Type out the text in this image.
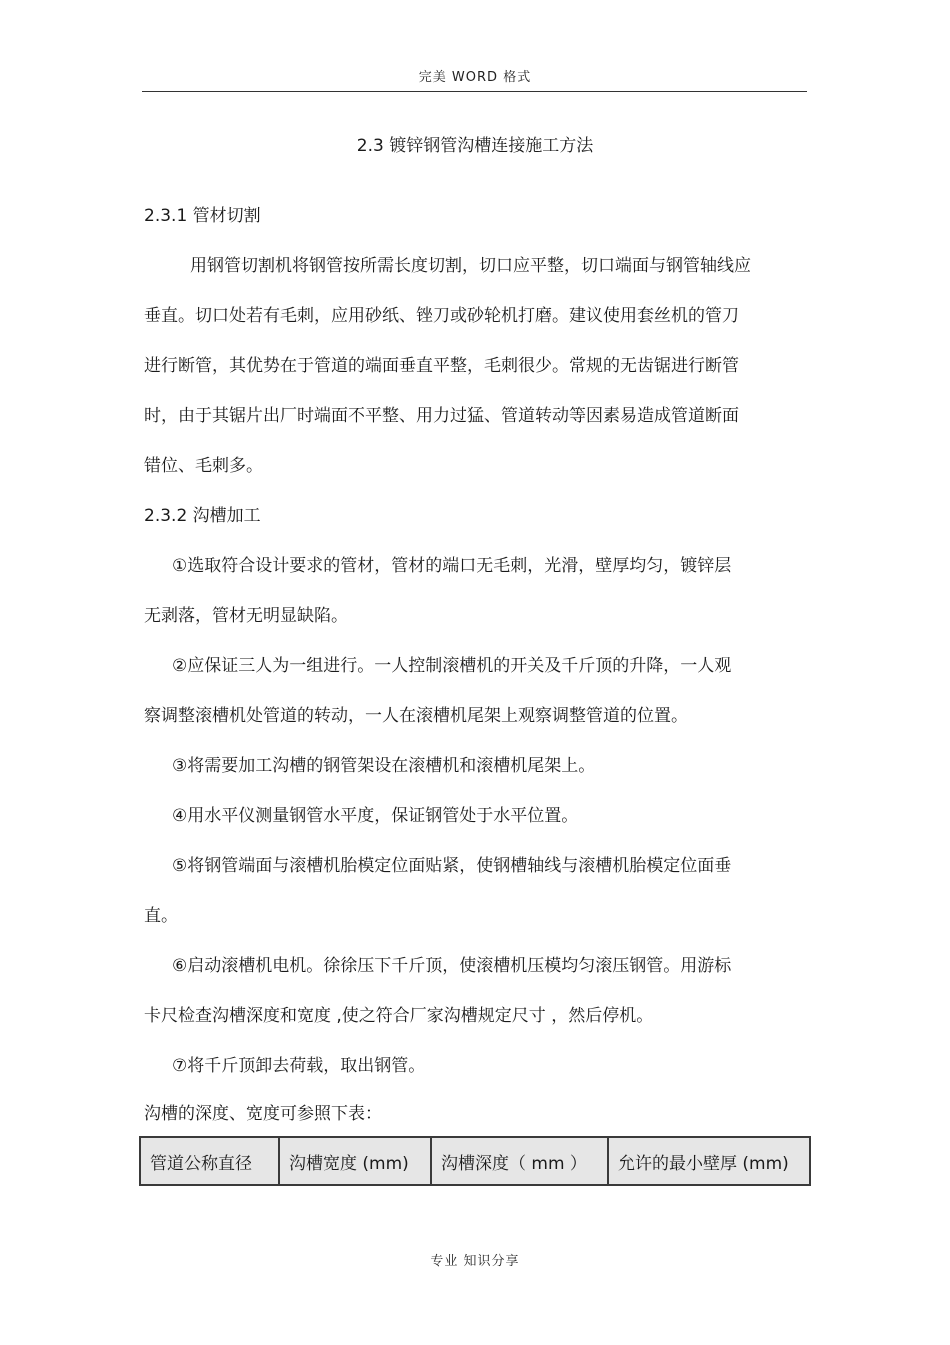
完美 WORD 格式
2.3 镀锌钢管沟槽连接施工方法
2.3.1 管材切割
用钢管切割机将钢管按所需长度切割，切口应平整，切口端面与钢管轴线应
垂直。切口处若有毛刺，应用砂纸、锉刀或砂轮机打磨。建议使用套丝机的管刀
进行断管，其优势在于管道的端面垂直平整，毛刺很少。常规的无齿锯进行断管
时，由于其锯片出厂时端面不平整、用力过猛、管道转动等因素易造成管道断面
错位、毛刺多。
2.3.2 沟槽加工
①选取符合设计要求的管材，管材的端口无毛刺，光滑，壁厚均匀，镀锌层
无剥落，管材无明显缺陷。
②应保证三人为一组进行。一人控制滚槽机的开关及千斤顶的升降，一人观
察调整滚槽机处管道的转动，一人在滚槽机尾架上观察调整管道的位置。
③将需要加工沟槽的钢管架设在滚槽机和滚槽机尾架上。
④用水平仪测量钢管水平度，保证钢管处于水平位置。
⑤将钢管端面与滚槽机胎模定位面贴紧，使钢槽轴线与滚槽机胎模定位面垂
直。
⑥启动滚槽机电机。徐徐压下千斤顶，使滚槽机压模均匀滚压钢管。用游标
卡尺检查沟槽深度和宽度 ,使之符合厂家沟槽规定尺寸 ，然后停机。
⑦将千斤顶卸去荷载，取出钢管。
沟槽的深度、宽度可参照下表：
管道公称直径	沟槽宽度 (mm)	沟槽深度（ mm ）	允许的最小壁厚 (mm)
专业 知识分享
